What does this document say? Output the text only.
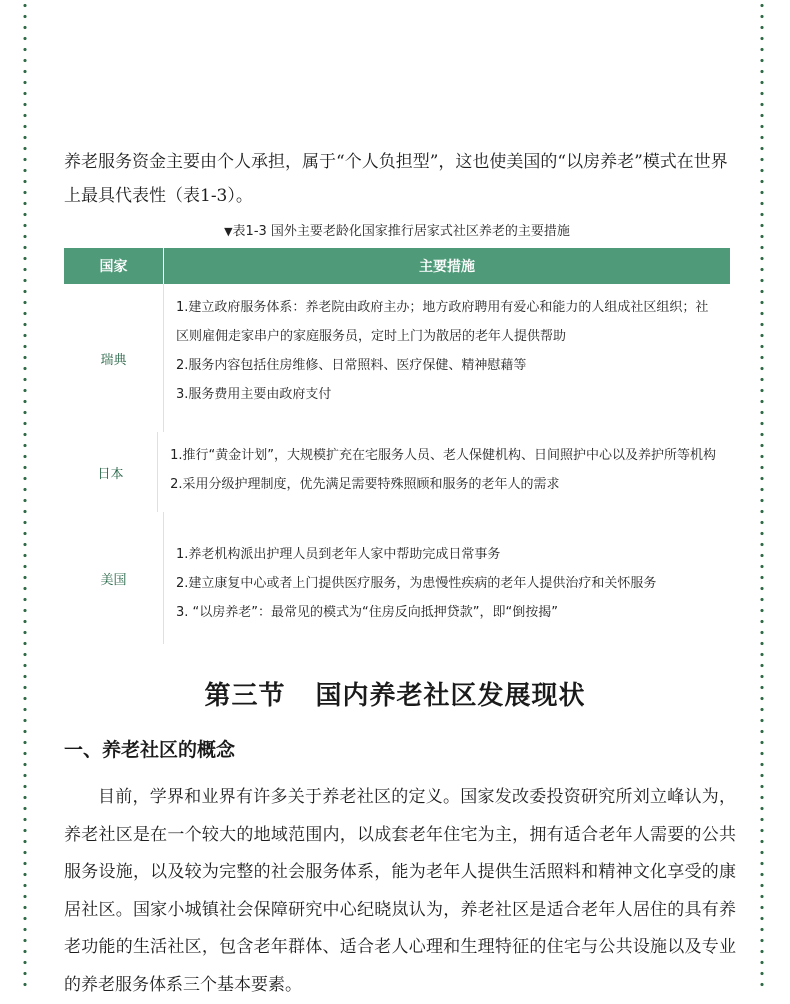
养老服务资金主要由个人承担，属于“个人负担型”，这也使美国的“以房养老”模式在世界上最具代表性（表1-3）。

▼表1-3 国外主要老龄化国家推行居家式社区养老的主要措施
国家	主要措施
瑞典
1.建立政府服务体系：养老院由政府主办；地方政府聘用有爱心和能力的人组成社区组织；社
区则雇佣走家串户的家庭服务员，定时上门为散居的老年人提供帮助
2.服务内容包括住房维修、日常照料、医疗保健、精神慰藉等
3.服务费用主要由政府支付
日本
1.推行“黄金计划”，大规模扩充在宅服务人员、老人保健机构、日间照护中心以及养护所等机构
2.采用分级护理制度，优先满足需要特殊照顾和服务的老年人的需求
美国
1.养老机构派出护理人员到老年人家中帮助完成日常事务
2.建立康复中心或者上门提供医疗服务，为患慢性疾病的老年人提供治疗和关怀服务
3. “以房养老”：最常见的模式为“住房反向抵押贷款”，即“倒按揭”
第三节 国内养老社区发展现状
一、养老社区的概念

目前，学界和业界有许多关于养老社区的定义。国家发改委投资研究所刘立峰认为，养老社区是在一个较大的地域范围内，以成套老年住宅为主，拥有适合老年人需要的公共服务设施，以及较为完整的社会服务体系，能为老年人提供生活照料和精神文化享受的康居社区。国家小城镇社会保障研究中心纪晓岚认为，养老社区是适合老年人居住的具有养老功能的生活社区，包含老年群体、适合老人心理和生理特征的住宅与公共设施以及专业的养老服务体系三个基本要素。
